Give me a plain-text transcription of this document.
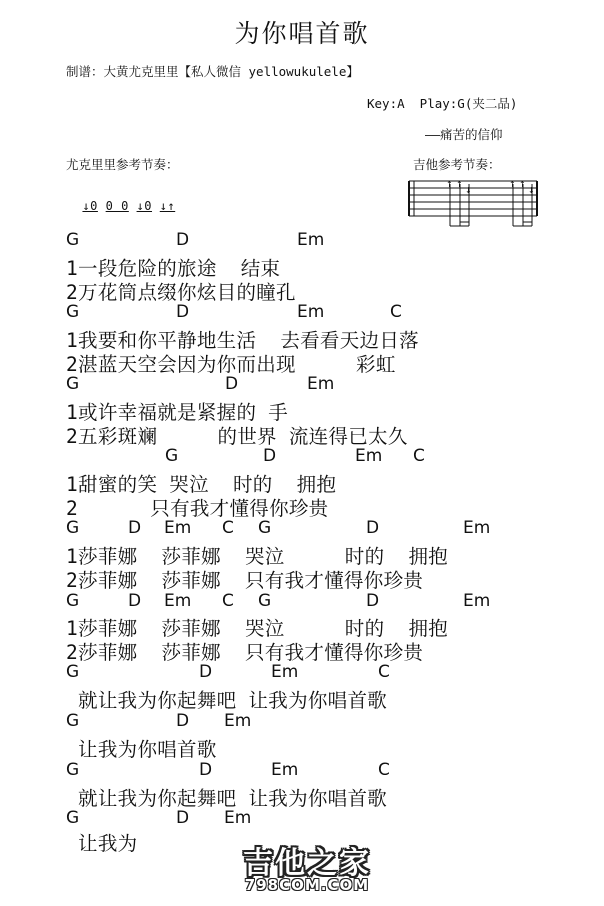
为你唱首歌
制谱：大黄尤克里里【私人微信 yellowukulele】
Key:A  Play:G(夹二品)
——痛苦的信仰
尤克里里参考节奏：	吉他参考节奏：

↓0 0 0 ↓0 ↓↑

↑ ↑
↓
↑ ↑
↓
G	D	Em
1一段危险的旅途  结束
2万花筒点缀你炫目的瞳孔
G	D	Em	C
1我要和你平静地生活  去看看天边日落
2湛蓝天空会因为你而出现     彩虹
G	D	Em
1或许幸福就是紧握的 手
2五彩斑斓     的世界 流连得已太久
G	D	Em C
1甜蜜的笑 哭泣  时的  拥抱
2      只有我才懂得你珍贵
G	D Em C G	D	Em
1莎菲娜  莎菲娜  哭泣     时的  拥抱
2莎菲娜  莎菲娜  只有我才懂得你珍贵
G	D Em C G	D	Em
1莎菲娜  莎菲娜  哭泣     时的  拥抱
2莎菲娜  莎菲娜  只有我才懂得你珍贵
G	D	Em	C
就让我为你起舞吧 让我为你唱首歌
G	D Em
让我为你唱首歌
G	D	Em	C
就让我为你起舞吧 让我为你唱首歌
G	D Em
让我为
吉他之家
798COM.COM
